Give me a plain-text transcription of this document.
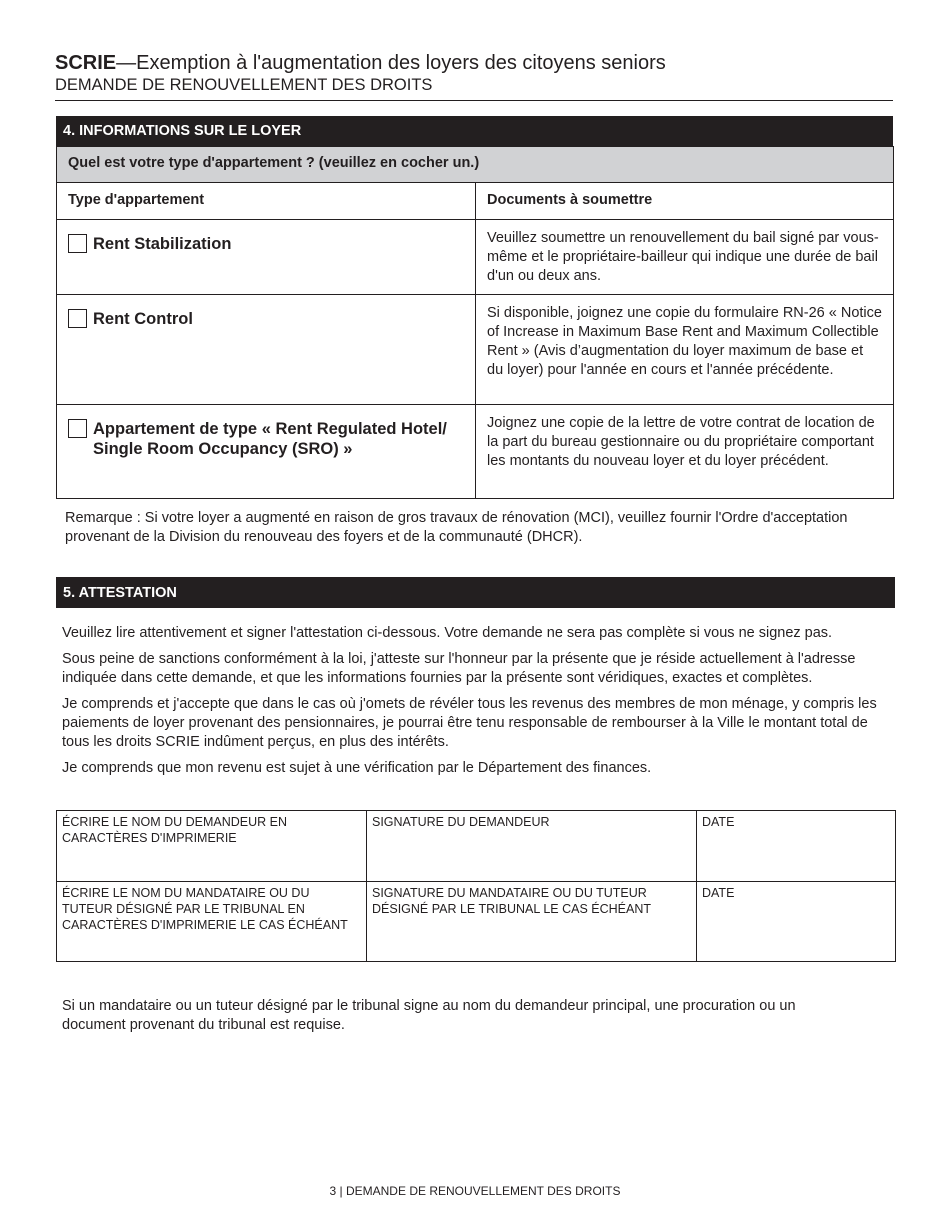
SCRIE—Exemption à l'augmentation des loyers des citoyens seniors
DEMANDE DE RENOUVELLEMENT DES DROITS
4. INFORMATIONS SUR LE LOYER
Quel est votre type d'appartement ? (veuillez en cocher un.)	
Type d'appartement	Documents à soumettre

Rent Stabilization	Veuillez soumettre un renouvellement du bail signé par vous-même et le propriétaire-bailleur qui indique une durée de bail d'un ou deux ans.

Rent Control	Si disponible, joignez une copie du formulaire RN-26 « Notice of Increase in Maximum Base Rent and Maximum Collectible Rent » (Avis d’augmentation du loyer maximum de base et du loyer) pour l'année en cours et l'année précédente.

Appartement de type « Rent Regulated Hotel/ Single Room Occupancy (SRO) »	Joignez une copie de la lettre de votre contrat de location de la part du bureau gestionnaire ou du propriétaire comportant les montants du nouveau loyer et du loyer précédent.
Remarque : Si votre loyer a augmenté en raison de gros travaux de rénovation (MCI), veuillez fournir l'Ordre d'acceptation provenant de la Division du renouveau des foyers et de la communauté (DHCR).
5. ATTESTATION

Veuillez lire attentivement et signer l'attestation ci-dessous. Votre demande ne sera pas complète si vous ne signez pas.

Sous peine de sanctions conformément à la loi, j'atteste sur l'honneur par la présente que je réside actuellement à l'adresse indiquée dans cette demande, et que les informations fournies par la présente sont véridiques, exactes et complètes.

Je comprends et j'accepte que dans le cas où j'omets de révéler tous les revenus des membres de mon ménage, y compris les paiements de loyer provenant des pensionnaires, je pourrai être tenu responsable de rembourser à la Ville le montant total de tous les droits SCRIE indûment perçus, en plus des intérêts.

Je comprends que mon revenu est sujet à une vérification par le Département des finances.

ÉCRIRE LE NOM DU DEMANDEUR EN CARACTÈRES D'IMPRIMERIE	SIGNATURE DU DEMANDEUR	DATE
ÉCRIRE LE NOM DU MANDATAIRE OU DU TUTEUR DÉSIGNÉ PAR LE TRIBUNAL EN CARACTÈRES D'IMPRIMERIE LE CAS ÉCHÉANT	SIGNATURE DU MANDATAIRE OU DU TUTEUR DÉSIGNÉ PAR LE TRIBUNAL LE CAS ÉCHÉANT	DATE
Si un mandataire ou un tuteur désigné par le tribunal signe au nom du demandeur principal, une procuration ou un document provenant du tribunal est requise.
3 | DEMANDE DE RENOUVELLEMENT DES DROITS
